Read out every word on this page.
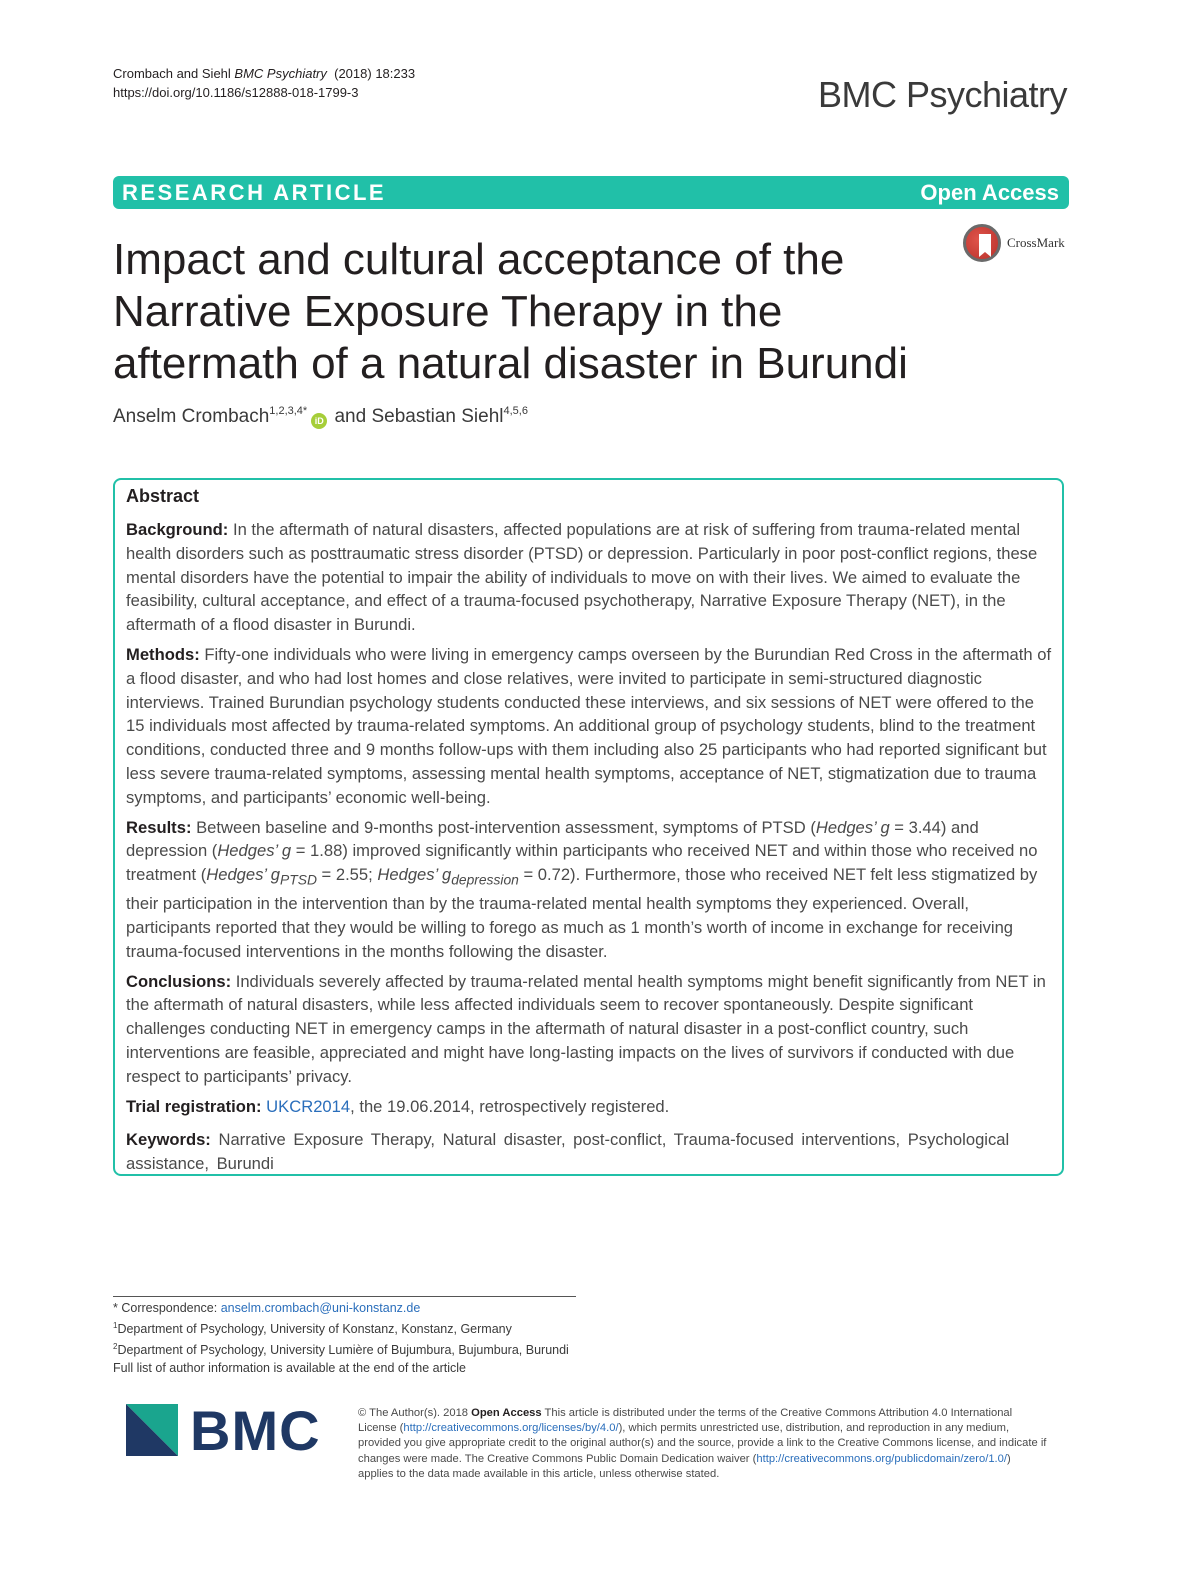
Crombach and Siehl BMC Psychiatry (2018) 18:233
https://doi.org/10.1186/s12888-018-1799-3	BMC Psychiatry
RESEARCH ARTICLE	Open Access
CrossMark
Impact and cultural acceptance of the Narrative Exposure Therapy in the aftermath of a natural disaster in Burundi
Anselm Crombach$^{1,2,3,4*}$iD and Sebastian Siehl$^{4,5,6}$
Abstract

Background: In the aftermath of natural disasters, affected populations are at risk of suffering from trauma-related mental health disorders such as posttraumatic stress disorder (PTSD) or depression. Particularly in poor post-conflict regions, these mental disorders have the potential to impair the ability of individuals to move on with their lives. We aimed to evaluate the feasibility, cultural acceptance, and effect of a trauma-focused psychotherapy, Narrative Exposure Therapy (NET), in the aftermath of a flood disaster in Burundi.

Methods: Fifty-one individuals who were living in emergency camps overseen by the Burundian Red Cross in the aftermath of a flood disaster, and who had lost homes and close relatives, were invited to participate in semi-structured diagnostic interviews. Trained Burundian psychology students conducted these interviews, and six sessions of NET were offered to the 15 individuals most affected by trauma-related symptoms. An additional group of psychology students, blind to the treatment conditions, conducted three and 9 months follow-ups with them including also 25 participants who had reported significant but less severe trauma-related symptoms, assessing mental health symptoms, acceptance of NET, stigmatization due to trauma symptoms, and participants’ economic well-being.

Results: Between baseline and 9-months post-intervention assessment, symptoms of PTSD (Hedges’ g = 3.44) and depression (Hedges’ g = 1.88) improved significantly within participants who received NET and within those who received no treatment (Hedges’ $g_{PTSD} = 2.55$; Hedges’ $g_{depression} = 0.72$). Furthermore, those who received NET felt less stigmatized by their participation in the intervention than by the trauma-related mental health symptoms they experienced. Overall, participants reported that they would be willing to forego as much as 1 month’s worth of income in exchange for receiving trauma-focused interventions in the months following the disaster.

Conclusions: Individuals severely affected by trauma-related mental health symptoms might benefit significantly from NET in the aftermath of natural disasters, while less affected individuals seem to recover spontaneously. Despite significant challenges conducting NET in emergency camps in the aftermath of natural disaster in a post-conflict country, such interventions are feasible, appreciated and might have long-lasting impacts on the lives of survivors if conducted with due respect to participants’ privacy.

Trial registration: UKCR2014, the 19.06.2014, retrospectively registered.

Keywords: Narrative Exposure Therapy, Natural disaster, post-conflict, Trauma-focused interventions, Psychological assistance, Burundi

* Correspondence: anselm.crombach@uni-konstanz.de
$^1$Department of Psychology, University of Konstanz, Konstanz, Germany
$^2$Department of Psychology, University Lumière of Bujumbura, Bujumbura, Burundi
Full list of author information is available at the end of the article
BMC	© The Author(s). 2018 Open Access This article is distributed under the terms of the Creative Commons Attribution 4.0 International License (http://creativecommons.org/licenses/by/4.0/), which permits unrestricted use, distribution, and reproduction in any medium, provided you give appropriate credit to the original author(s) and the source, provide a link to the Creative Commons license, and indicate if changes were made. The Creative Commons Public Domain Dedication waiver (http://creativecommons.org/publicdomain/zero/1.0/) applies to the data made available in this article, unless otherwise stated.
